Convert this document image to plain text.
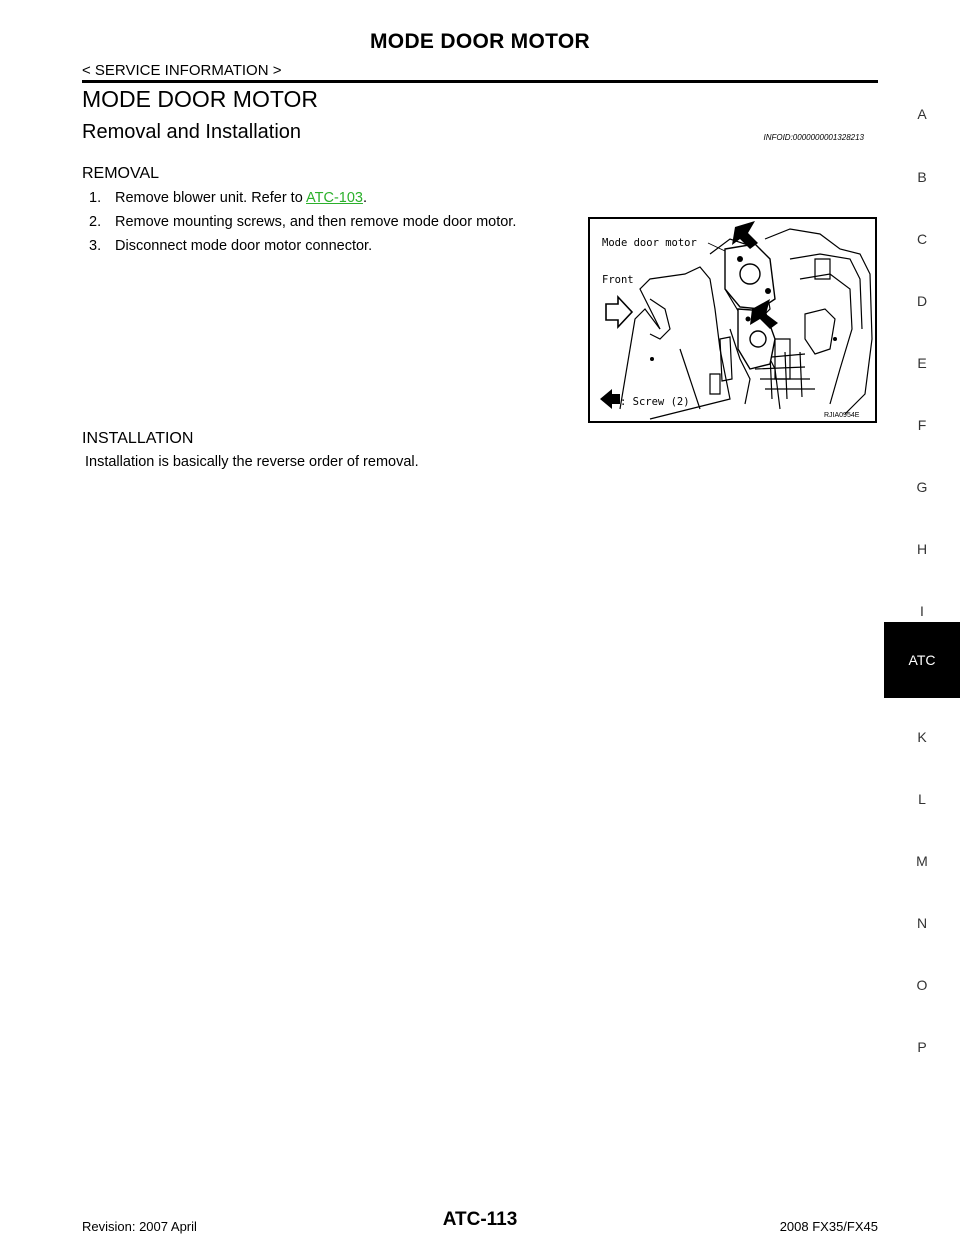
MODE DOOR MOTOR
< SERVICE INFORMATION >
MODE DOOR MOTOR
Removal and Installation	INFOID:0000000001328213
REMOVAL
1. Remove blower unit. Refer to ATC-103.
2. Remove mounting screws, and then remove mode door motor.
3. Disconnect mode door motor connector.	Mode door motor
Front
: Screw (2)
RJIA0954E
INSTALLATION
Installation is basically the reverse order of removal.
A
B
C
D
E
F
G
H
I
ATC
K
L
M
N
O
P
Revision: 2007 April	ATC-113	2008 FX35/FX45
